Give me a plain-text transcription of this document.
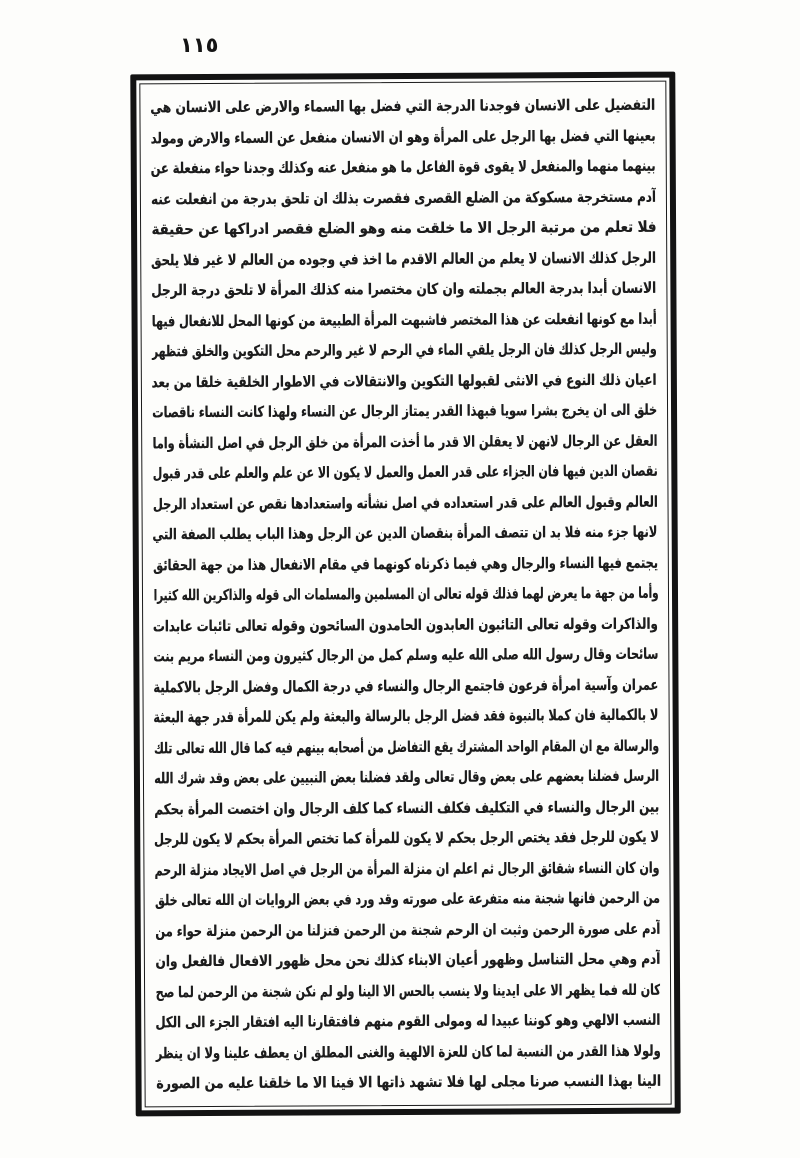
١١٥
التفضيل على الانسان فوجدنا الدرجة التي فضل بها السماء والارض على الانسان هي
بعينها التي فضل بها الرجل على المرأة وهو ان الانسان منفعل عن السماء والارض ومولد
بينهما منهما والمنفعل لا يقوى قوة الفاعل ما هو منفعل عنه وكذلك وجدنا حواء منفعلة عن
آدم مستخرجة مسكوكة من الضلع القصرى فقصرت بذلك ان تلحق بدرجة من انفعلت عنه
فلا تعلم من مرتبة الرجل الا ما خلقت منه وهو الضلع فقصر ادراكها عن حقيقة
الرجل كذلك الانسان لا يعلم من العالم الاقدم ما اخذ في وجوده من العالم لا غير فلا يلحق
الانسان أبدا بدرجة العالم بجملته وان كان مختصرا منه كذلك المرأة لا تلحق درجة الرجل
أبدا مع كونها انفعلت عن هذا المختصر فاشبهت المرأة الطبيعة من كونها المحل للانفعال فيها
وليس الرجل كذلك فان الرجل يلقي الماء في الرحم لا غير والرحم محل التكوين والخلق فتظهر
اعيان ذلك النوع في الانثى لقبولها التكوين والانتقالات في الاطوار الخلقية خلقا من بعد
خلق الى ان يخرج بشرا سويا فبهذا القدر يمتاز الرجال عن النساء ولهذا كانت النساء ناقصات
العقل عن الرجال لانهن لا يعقلن الا قدر ما أخذت المرأة من خلق الرجل في اصل النشأة واما
نقصان الدين فيها فان الجزاء على قدر العمل والعمل لا يكون الا عن علم والعلم على قدر قبول
العالم وقبول العالم على قدر استعداده في اصل نشأته واستعدادها نقص عن استعداد الرجل
لانها جزء منه فلا بد ان تتصف المرأة بنقصان الدين عن الرجل وهذا الباب يطلب الصفة التي
يجتمع فيها النساء والرجال وهي فيما ذكرناه كونهما في مقام الانفعال هذا من جهة الحقائق
وأما من جهة ما يعرض لهما فذلك قوله تعالى ان المسلمين والمسلمات الى قوله والذاكرين الله كثيرا
والذاكرات وقوله تعالى التائبون العابدون الحامدون السائحون وقوله تعالى تائبات عابدات
سائحات وقال رسول الله صلى الله عليه وسلم كمل من الرجال كثيرون ومن النساء مريم بنت
عمران وآسية امرأة فرعون فاجتمع الرجال والنساء في درجة الكمال وفضل الرجل بالاكملية
لا بالكمالية فان كملا بالنبوة فقد فضل الرجل بالرسالة والبعثة ولم يكن للمرأة قدر جهة البعثة
والرسالة مع ان المقام الواحد المشترك يقع التفاضل من أصحابه بينهم فيه كما قال الله تعالى تلك
الرسل فضلنا بعضهم على بعض وقال تعالى ولقد فضلنا بعض النبيين على بعض وقد شرك الله
بين الرجال والنساء في التكليف فكلف النساء كما كلف الرجال وان اختصت المرأة بحكم
لا يكون للرجل فقد يختص الرجل بحكم لا يكون للمرأة كما تختص المرأة بحكم لا يكون للرجل
وان كان النساء شقائق الرجال ثم اعلم ان منزلة المرأة من الرجل في اصل الايجاد منزلة الرحم
من الرحمن فانها شجنة منه متفرعة على صورته وقد ورد في بعض الروايات ان الله تعالى خلق
آدم على صورة الرحمن وثبت ان الرحم شجنة من الرحمن فنزلنا من الرحمن منزلة حواء من
آدم وهي محل التناسل وظهور أعيان الابناء كذلك نحن محل ظهور الافعال فالفعل وان
كان لله فما يظهر الا على ايدينا ولا ينسب بالحس الا الينا ولو لم نكن شجنة من الرحمن لما صح
النسب الالهي وهو كوننا عبيدا له ومولى القوم منهم فافتقارنا اليه افتقار الجزء الى الكل
ولولا هذا القدر من النسبة لما كان للعزة الالهية والغنى المطلق ان يعطف علينا ولا ان ينظر
الينا بهذا النسب صرنا مجلى لها فلا تشهد ذاتها الا فينا الا ما خلقنا عليه من الصورة
